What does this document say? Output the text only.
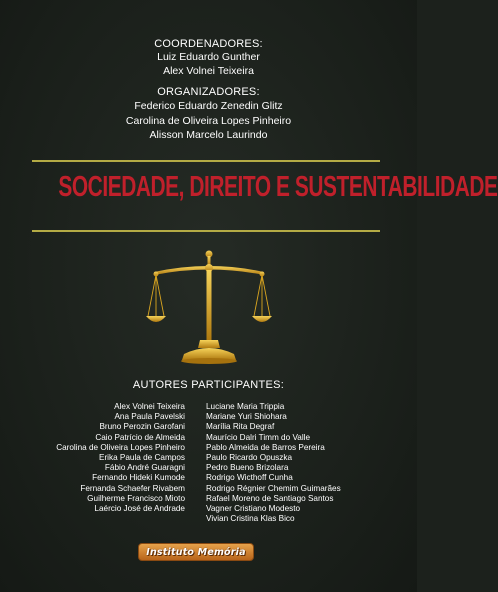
COORDENADORES:
Luiz Eduardo Gunther
Alex Volnei Teixeira
ORGANIZADORES:
Federico Eduardo Zenedin Glitz
Carolina de Oliveira Lopes Pinheiro
Alisson Marcelo Laurindo
SOCIEDADE, DIREITO E SUSTENTABILIDADE
AUTORES PARTICIPANTES:
Alex Volnei Teixeira
Ana Paula Pavelski
Bruno Perozin Garofani
Caio Patrício de Almeida
Carolina de Oliveira Lopes Pinheiro
Erika Paula de Campos
Fábio André Guaragni
Fernando Hideki Kumode
Fernanda Schaefer Rivabem
Guilherme Francisco Mioto
Laércio José de Andrade
Luciane Maria Trippia
Mariane Yuri Shiohara
Marília Rita Degraf
Maurício Dalri Timm do Valle
Pablo Almeida de Barros Pereira
Paulo Ricardo Opuszka
Pedro Bueno Brizolara
Rodrigo Wicthoff Cunha
Rodrigo Régnier Chemim Guimarães
Rafael Moreno de Santiago Santos
Vagner Cristiano Modesto
Vivian Cristina Klas Bico
Instituto Memória
